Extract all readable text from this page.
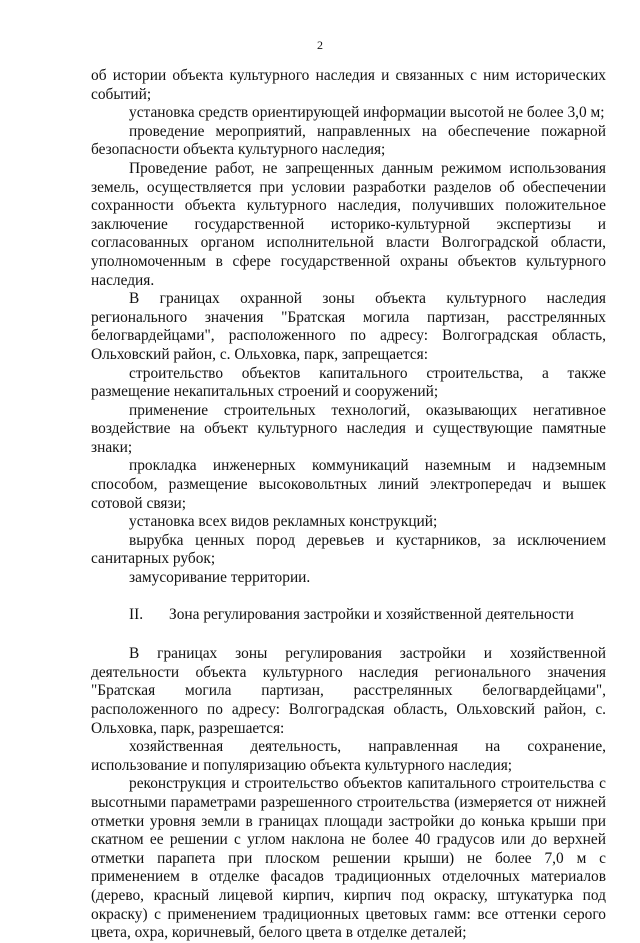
2

об истории объекта культурного наследия и связанных с ним исторических событий;

установка средств ориентирующей информации высотой не более 3,0 м;

проведение мероприятий, направленных на обеспечение пожарной безопасности объекта культурного наследия;

Проведение работ, не запрещенных данным режимом использования земель, осуществляется при условии разработки разделов об обеспечении сохранности объекта культурного наследия, получивших положительное заключение государственной историко-культурной экспертизы и согласованных органом исполнительной власти Волгоградской области, уполномоченным в сфере государственной охраны объектов культурного наследия.

В границах охранной зоны объекта культурного наследия регионального значения "Братская могила партизан, расстрелянных белогвардейцами", расположенного по адресу: Волгоградская область, Ольховский район, с. Ольховка, парк, запрещается:

строительство объектов капитального строительства, а также размещение некапитальных строений и сооружений;

применение строительных технологий, оказывающих негативное воздействие на объект культурного наследия и существующие памятные знаки;

прокладка инженерных коммуникаций наземным и надземным способом, размещение высоковольтных линий электропередач и вышек сотовой связи;

установка всех видов рекламных конструкций;

вырубка ценных пород деревьев и кустарников, за исключением санитарных рубок;

замусоривание территории.

II.	Зона регулирования застройки и хозяйственной деятельности

В границах зоны регулирования застройки и хозяйственной деятельности объекта культурного наследия регионального значения "Братская могила партизан, расстрелянных белогвардейцами", расположенного по адресу: Волгоградская область, Ольховский район, с. Ольховка, парк, разрешается:

хозяйственная деятельность, направленная на сохранение, использование и популяризацию объекта культурного наследия;

реконструкция и строительство объектов капитального строительства с высотными параметрами разрешенного строительства (измеряется от нижней отметки уровня земли в границах площади застройки до конька крыши при скатном ее решении с углом наклона не более 40 градусов или до верхней отметки парапета при плоском решении крыши) не более 7,0 м с применением в отделке фасадов традиционных отделочных материалов (дерево, красный лицевой кирпич, кирпич под окраску, штукатурка под окраску) с применением традиционных цветовых гамм: все оттенки серого цвета, охра, коричневый, белого цвета в отделке деталей;
